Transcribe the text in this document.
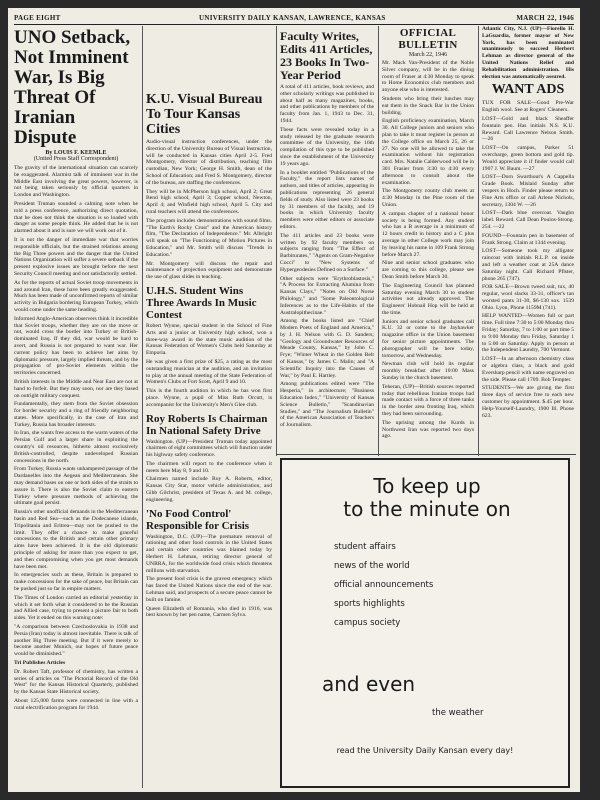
PAGE EIGHT	UNIVERSITY DAILY KANSAN, LAWRENCE, KANSAS	MARCH 22, 1946
UNO Setback, Not Imminent War, Is Big Threat Of Iranian Dispute
By LOUIS F. KEEMLE
(United Press Staff Correspondent)

The gravity of the international situation can scarcely be exaggerated. Alarmist talk of imminent war in the Middle East involving the great powers, however, is not being taken seriously by official quarters in London and Washington.

President Truman sounded a calming note when he told a press conference, authorizing direct quotation, that he does not think the situation is so loaded with danger as some people think. He added that he is not alarmed about it and is sure we will work out of it.

It is not the danger of immediate war that worries responsible officials, but the strained relations among the Big Three powers and the danger that the United Nations Organization will suffer a severe setback if the present explosive issues are brought before the next Security Council meeting and not satisfactorily settled.

As for the reports of actual Soviet troop movements in and around Iran, these have been greatly exaggerated. Much has been made of unconfirmed reports of similar activity in Bulgaria bordering European Turkey, which would come under the same heading.

Informed Anglo-American observers think it incredible that Soviet troops, whether they are on the move or not, would cross the border into Turkey or British-dominated Iraq. If they did, war would be hard to avert, and Russia is not prepared to want war. Her current policy has been to achieve her aims by diplomatic pressure, largely implied threats, and by the propagation of pro-Soviet elements within the territories concerned.

British interests in the Middle and Near East are not at hand to forfeit. But they may soon, nor are they based on outright military conquest.

Fundamentally, they stem from the Soviet obsession for border security and a ring of friendly neighboring states. More specifically, in the case of Iran and Turkey, Russia has broader interests.

In Iran, she wants free access to the warm waters of the Persian Gulf and a larger share in exploiting the country's oil resources, hitherto almost exclusively British-controlled, despite undeveloped Russian concessions in the north.

From Turkey, Russia wants unhampered passage of the Dardanelles into the Aegean and Mediterranean. She may demand bases on one or both sides of the straits to assure it. There is also the Soviet claim to eastern Turkey where pressure methods of achieving the ultimate goal persist.

Russia's other unofficial demands in the Mediterranean basin and Red Sea—such as the Dodecanese islands, Tripolitania and Eritrea—may not be pushed to the limit. They offer a chance to make graceful concessions to the British and certain other primary aims have been achieved. It is the old diplomatic principle of asking for more than you expect to get, and then compromising when you get most demands have been met.

In emergencies such as these, Britain is prepared to make concessions for the sake of peace, but Britain can be pushed just so far in empire matters.

The Times of London carried an editorial yesterday in which it set forth what it considered to be the Russian and Allied case, trying to present a picture fair to both sides. Yet it ended on this warning note:

"A comparison between Czechoslovakia in 1938 and Persia (Iran) today is almost inevitable. There is talk of another Big Three meeting. But if it were merely to become another Munich, our hopes of future peace would be diminished."

Tri Publishes Articles

Dr. Robert Taft, professor of chemistry, has written a series of articles on "The Pictorial Record of the Old West" for the Kansas Historical Quarterly, published by the Kansas State Historical society.

About 125,000 farms were connected in line with a rural electrification program for 1944.

K.U. Visual Bureau To Tour Kansas Cities

Audio-visual instruction conferences, under the direction of the University Bureau of Visual Instruction, will be conducted in Kansas cities April 2-5. Fred Montgomery, director of distribution, teaching film custodian, New York; George H. Smith, dean of the School of Education; and Fred S. Montgomery, director of the bureau, are staffing the conferences.

They will be in McPherson high school, April 2; Great Bend high school, April 3; Copper school, Newton, April 4; and Winfield high school, April 5. City and rural teachers will attend the conferences.

The program includes demonstrations with sound films. "The Earth's Rocky Crust" and the American history film, "The Declaration of Independence." Mr. Albright will speak on "The Functioning of Motion Pictures in Education," and Mr. Smith will discuss "Trends in Education."

Mr. Montgomery will discuss the repair and maintenance of projection equipment and demonstrate the use of glass slides in teaching.

U.H.S. Student Wins Three Awards In Music Contest

Robert Wynne, special student in the School of Fine Arts and a junior at University high school, won a three-way award in the state music audition of the Kansas Federation of Women's Clubs held Saturday at Emporia.

He was given a first prize of $25, a rating as the most outstanding musician at the audition, and an invitation to play at the annual meeting of the State Federation of Women's Clubs at Fort Scott, April 9 and 10.

This is the fourth audition in which he has won first place. Wynne, a pupil of Miss Ruth Orcutt, is accompanist for the University's Men's Glee club.

Roy Roberts Is Chairman In National Safety Drive

Washington. (UP)—President Truman today appointed chairmen of eight committees which will function under his highway safety conference.

The chairmen will report to the conference when it meets here May 8, 9 and 10.

Chairmen named include Roy A. Roberts, editor, Kansas City Star, motor vehicle administration, and Gibb Gilchrist, president of Texas A. and M. college, engineering.

'No Food Control' Responsible for Crisis

Washington, D.C. (UP)—The premature removal of rationing and other food controls in the United States and certain other countries was blamed today by Herbert H. Lehman, retiring director general of UNRRA, for the worldwide food crisis which threatens millions with starvation.

The present food crisis is the gravest emergency which has faced the United Nations since the end of the war. Lehman said, and prospects of a secure peace cannot be built on famine.

Queen Elizabeth of Romania, who died in 1916, was best known by her pen name, Carmen Sylva.

Faculty Writes, Edits 411 Articles, 23 Books In Two-Year Period

A total of 411 articles, book reviews, and other scholarly writings was published in about half as many magazines, books, and other publications by members of the faculty from Jan. 1, 1943 to Dec. 31, 1944.

These facts were revealed today in a study released by the graduate research committee of the University, the 16th compilation of this type to be published since the establishment of the University 19 years ago.

In a booklet entitled "Publications of the Faculty," the report lists names of authors, and titles of articles, appearing in publications representing 26 general fields of study. Also listed were 23 books by 31 members of the faculty, and 19 books in which University faculty members were either editors or associate editors.

The 411 articles and 23 books were written by 92 faculty members on subjects ranging from "The Effect of Barbiturates," "Agents on Gram-Negative Cocci" to "New Systems of Hypergeodesies Defined on a Surface."

Other subjects were "Erythroblastosis," "A Process for Extracting Alumina from Kansas Clays," "Notes on Old Norse Philology," and "Some Paleontological Inferences as to the Life-Habits of the Australopithecinae."

Among the books listed are "Chief Modern Poets of England and America," by J. H. Nelson with G. D. Sanders; "Geology and Groundwater Resources of Meade County, Kansas," by John C. Frye; "Winter Wheat in the Golden Belt of Kansas," by James C. Malin; and "A Scientific Inquiry into the Causes of War," by Paul E. Hartley.

Among publications edited were "The Hesperia," in architecture; "Business Education Index," "University of Kansas Science Bulletin," "Scandinavian Studies," and "The Journalism Bulletin" of the American Association of Teachers of Journalism.

OFFICIAL BULLETIN
March 22, 1946

Mr. Mack Van-President of the Noble Silver company, will be in the dining room of Fraser at 4:30 Monday to speak to Home Economics club members and anyone else who is interested.

Students who bring their lunches may eat them in the Snack Bar in the Union building.

English proficiency examination, March 30. All College juniors and seniors who plan to take it must register in person at the College office on March 25, 26 or 27. No one will be allowed to take the examination without his registration card. Mrs. Natalie Calderwood will be in 301 Frasier from 3:30 to 4:30 every afternoon to consult about the examination.

The Montgomery county club meets at 4:30 Monday in the Pine room of the Union.

A campus chapter of a national honor society is being formed. Any student who has a B average in a minimum of 12 hours credit in history and a C plus average in other College work may join by leaving his name in 109 Frank Strong before March 27.

Nine and senior school graduates who are coming to this college, please see Dean Smith before March 30.

The Engineering Council has planned Saturday evening March 30 to student activities not already approved. The Engineers' Hobnail Hop will be held at the time.

Juniors and senior school graduates call K.U. 32 or come to the Jayhawker magazine office in the Union basement for senior picture appointments. The photographer will be here today, tomorrow, and Wednesday.

Newman club will hold its regular monthly breakfast after 10:00 Mass Sunday in the church basement.

Teheran, (UP)—British sources reported today that rebellious Iranian troops had made contact with a force of three tanks in the border area fronting Iraq, which they had been surrounding.

The uprising among the Kurds in Northwest Iran was reported two days ago.

Atlantic City, N.J. (UP)—Fiorello H. LaGuardia, former mayor of New York, has been nominated unanimously to succeed Herbert Lehman as director general of the United Nations Relief and Rehabilitation administration. His election was automatically assured.

WANT ADS

TUX FOR SALE—Good Pre-War English wool. See at Rogers' Cleaners.

LOST—Gold and black Sheaffer fountain pen. Has initials N.S. K.U. Reward. Call Lawrence Nelson Smith. —26

LOST—On campus, Parker 51 overcharge, green bottom and gold tip. Would appreciate it if finder would call 1907 J. W. Baum. —27

LOST—Dorn Swarthout's A Cappella Grade Book. Mislaid Sunday after vespers in Hoch. Finder please return to Fine Arts office or call Arlene Nichols, secretary, 1304 W. —26

LOST—Dark blue overcoat. Vaughn label. Reward. Call Dean Poulos-Strong. 254. —22

FOUND—Fountain pen in basement of Frank Strong. Claim at 1344 evening.

LOST—Someone took my alligator raincoat with initials R.L.P. on inside and left a weather coat at 25A dance Saturday night. Call Richard Pflster, phone 265 (747).

FOR SALE—Brown tweed suit, tux, 40 regular, wool slacks 33-31, officer's tan worsted pants 31-30, $6-130 sox. 1539 Ohio. Lyon, Phone 1159M (741).

HELP WANTED—Women full or part time. Full time 7:30 to 5:00 Monday thru Friday; Saturday, 7 to 1:00 or part time 5 to 9:00 Monday thru Friday, Saturday 1 to 5:00 on Saturday. Apply in person at the Independent Laundry, 700 Vermont.

LOST—In an afternoon chemistry class or algebra class, a black and gold Eversharp pencil with name engraved on the side. Please call 1709. Bob Tempter.

STUDENTS—We are giving the first three days of service free to each new customer by appointment. $.45 per hour. Help-Yourself-Laundry, 1900 Ill. Phone 623.

To keep up
to the minute on
student affairs
news of the world
official announcements
sports highlights
campus society
and even
the weather
read the University Daily Kansan every day!
